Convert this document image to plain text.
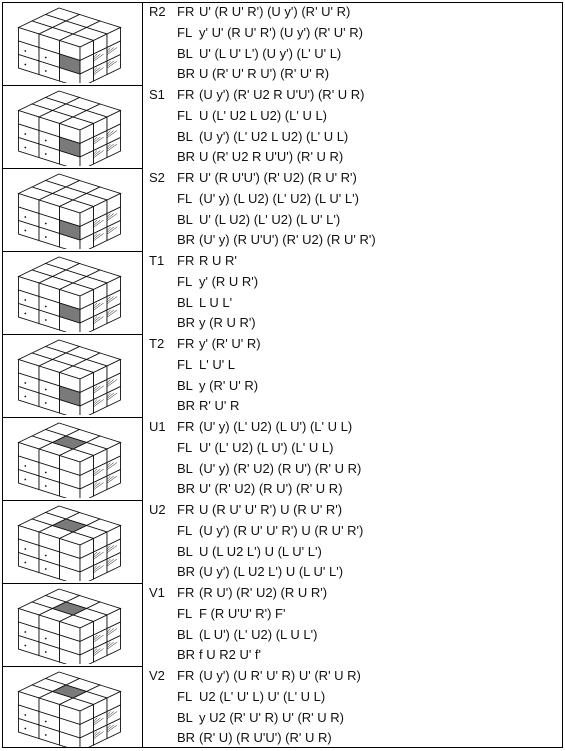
R2 FR U' (R U' R') (U y') (R' U' R)
FL y' U' (R U' R') (U y') (R' U' R)
BL U' (L U' L') (U y') (L' U' L)
BR U (R' U' R U') (R' U' R)
S1 FR (U y') (R' U2 R U'U') (R' U R)
FL U (L' U2 L U2) (L' U L)
BL (U y') (L' U2 L U2) (L' U L)
BR U (R' U2 R U'U') (R' U R)
S2 FR U' (R U'U') (R' U2) (R U' R')
FL (U' y) (L U2) (L' U2) (L U' L')
BL U' (L U2) (L' U2) (L U' L')
BR (U' y) (R U'U') (R' U2) (R U' R')
T1 FR R U R'
FL y' (R U R')
BL L U L'
BR y (R U R')
T2 FR y' (R' U' R)
FL L' U' L
BL y (R' U' R)
BR R' U' R
U1 FR (U' y) (L' U2) (L U') (L' U L)
FL U' (L' U2) (L U') (L' U L)
BL (U' y) (R' U2) (R U') (R' U R)
BR U' (R' U2) (R U') (R' U R)
U2 FR U (R U' U' R') U (R U' R')
FL (U y') (R U' U' R') U (R U' R')
BL U (L U2 L') U (L U' L')
BR (U y') (L U2 L') U (L U' L')
V1 FR (R U') (R' U2) (R U R')
FL F (R U'U' R') F'
BL (L U') (L' U2) (L U L')
BR f U R2 U' f'
V2 FR (U y') (U R' U' R) U' (R' U R)
FL U2 (L' U' L) U' (L' U L)
BL y U2 (R' U' R) U' (R' U R)
BR (R' U) (R U'U') (R' U R)
